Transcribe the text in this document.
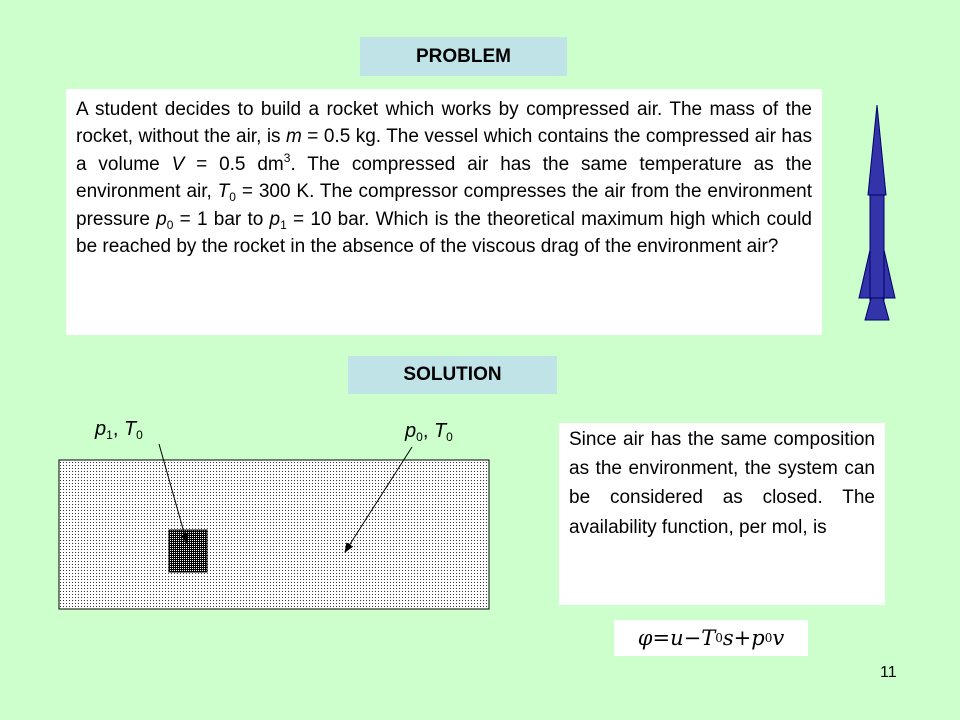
PROBLEM
A student decides to build a rocket which works by compressed air. The mass of the rocket, without the air, is m = 0.5 kg. The vessel which contains the compressed air has a volume V = 0.5 $dm^3$. The compressed air has the same temperature as the environment air, $T_0 = 300$ K. The compressor compresses the air from the environment pressure $p_0 = 1$ bar to $p_1 = 10$ bar. Which is the theoretical maximum high which could be reached by the rocket in the absence of the viscous drag of the environment air?
SOLUTION
$p_1$, $T_0$	$p_0$, $T_0$	Since air has the same composition as the environment, the system can be considered as closed. The availability function, per mol, is
φ = u − T 0 s + p 0 v
11
